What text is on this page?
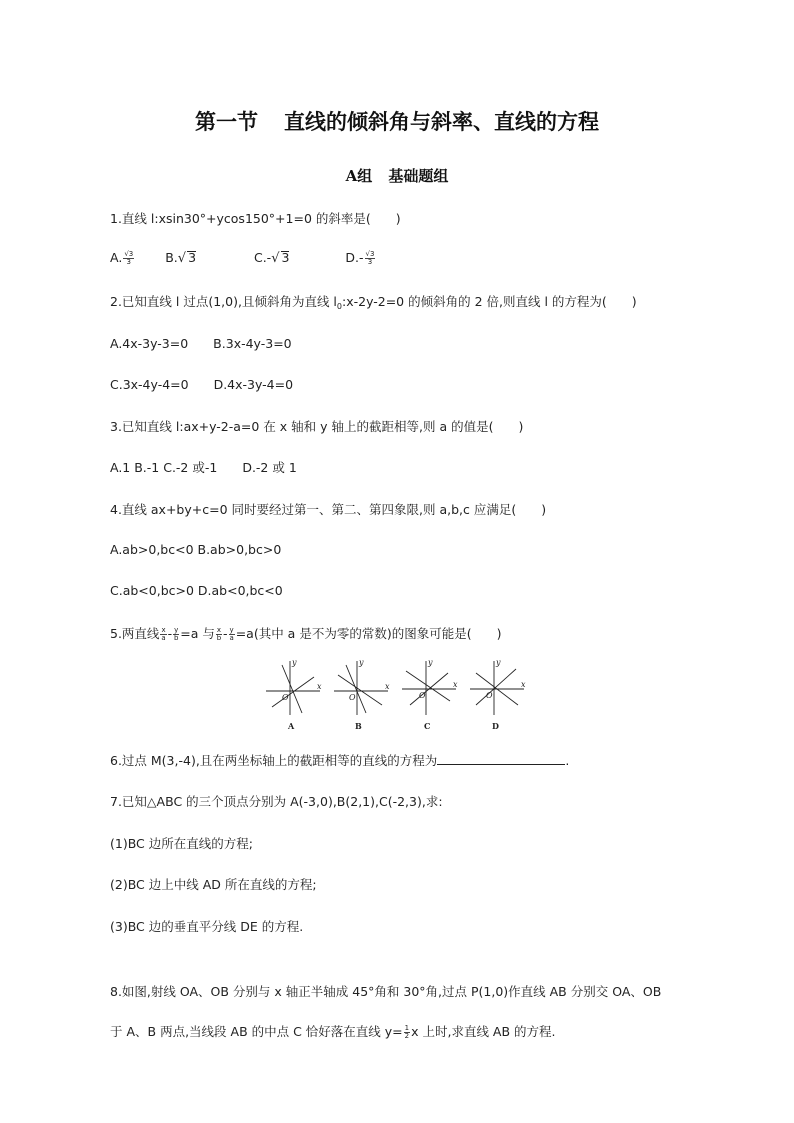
第一节 直线的倾斜角与斜率、直线的方程
A组 基础题组
1.直线 l:xsin30°+ycos150°+1=0 的斜率是(　　)
A. $\frac{√3}{3} B.√$ 3	C.-√ 3	$D.- \frac{√3}{3}$
2.已知直线 l 过点(1,0),且倾斜角为直线 $l_0:x-2y-2=0$ 的倾斜角的 2 倍,则直线 l 的方程为(　　)
A.4x-3y-3=0　　B.3x-4y-3=0
C.3x-4y-4=0　　D.4x-3y-4=0
3.已知直线 l:ax+y-2-a=0 在 x 轴和 y 轴上的截距相等,则 a 的值是(　　)
A.1 B.-1 C.-2 或-1　　D.-2 或 1
4.直线 ax+by+c=0 同时要经过第一、第二、第四象限,则 a,b,c 应满足(　　)
A.ab>0,bc<0 B.ab>0,bc>0
C.ab<0,bc>0 D.ab<0,bc<0
5.两直线 $\frac{x}{a} - \frac{y}{b} =a$ 与 $\frac{x}{b} - \frac{y}{a} =a$(其中 a 是不为零的常数)的图象可能是(　　)
x
y
O
A
x
y
O
B
x
y
O
C
x
y
O
D
6.过点 M(3,-4),且在两坐标轴上的截距相等的直线的方程为	.
7.已知△ABC 的三个顶点分别为 A(-3,0),B(2,1),C(-2,3),求:
(1)BC 边所在直线的方程;
(2)BC 边上中线 AD 所在直线的方程;
(3)BC 边的垂直平分线 DE 的方程.
8.如图,射线 OA、OB 分别与 x 轴正半轴成 45°角和 30°角,过点 P(1,0)作直线 AB 分别交 OA、OB
于 A、B 两点,当线段 AB 的中点 C 恰好落在直线 $y= \frac{1}{2}$ x 上时,求直线 AB 的方程.
